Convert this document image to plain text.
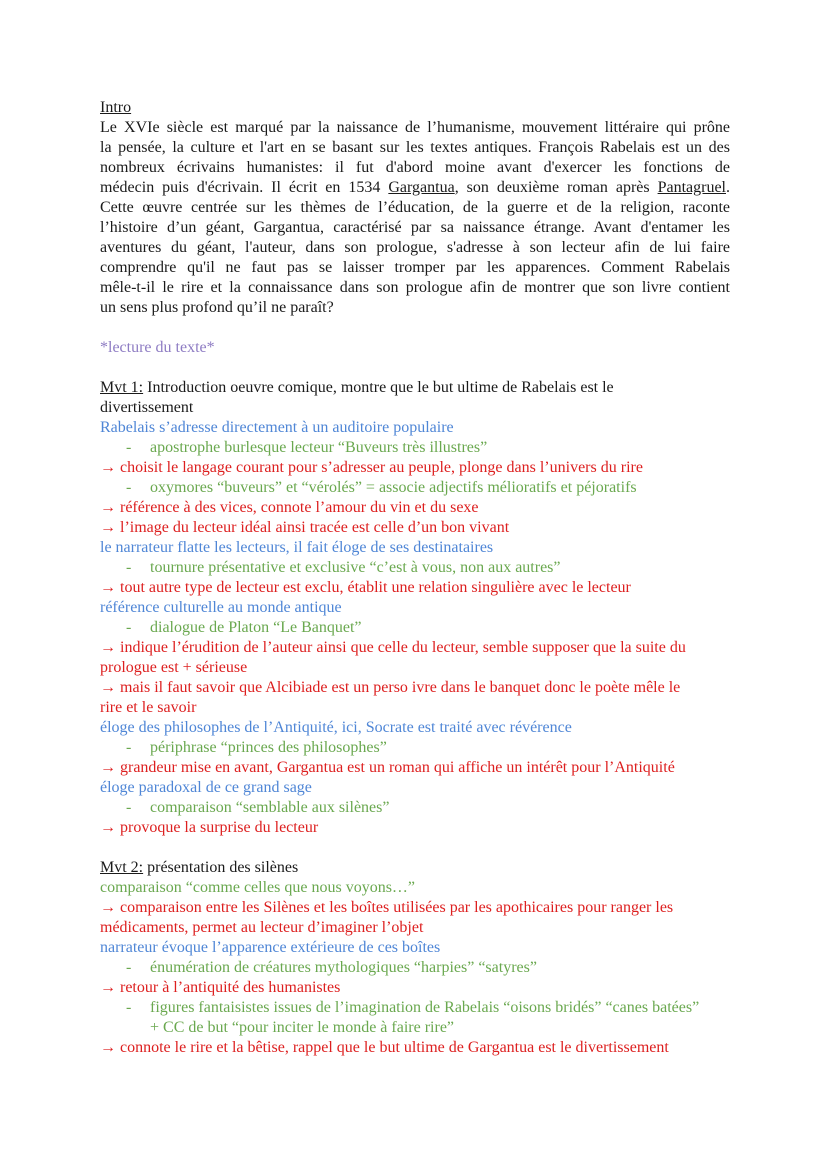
Intro
Le XVIe siècle est marqué par la naissance de l’humanisme, mouvement littéraire qui prône
la pensée, la culture et l'art en se basant sur les textes antiques. François Rabelais est un des
nombreux écrivains humanistes: il fut d'abord moine avant d'exercer les fonctions de
médecin puis d'écrivain. Il écrit en 1534 Gargantua, son deuxième roman après Pantagruel.
Cette œuvre centrée sur les thèmes de l’éducation, de la guerre et de la religion, raconte
l’histoire d’un géant, Gargantua, caractérisé par sa naissance étrange. Avant d'entamer les
aventures du géant, l'auteur, dans son prologue, s'adresse à son lecteur afin de lui faire
comprendre qu'il ne faut pas se laisser tromper par les apparences. Comment Rabelais
mêle-t-il le rire et la connaissance dans son prologue afin de montrer que son livre contient
un sens plus profond qu’il ne paraît?
*lecture du texte*
Mvt 1: Introduction oeuvre comique, montre que le but ultime de Rabelais est le
divertissement
Rabelais s’adresse directement à un auditoire populaire
- apostrophe burlesque lecteur “Buveurs très illustres”
→ choisit le langage courant pour s’adresser au peuple, plonge dans l’univers du rire
- oxymores “buveurs” et “vérolés” = associe adjectifs mélioratifs et péjoratifs
→ référence à des vices, connote l’amour du vin et du sexe
→ l’image du lecteur idéal ainsi tracée est celle d’un bon vivant
le narrateur flatte les lecteurs, il fait éloge de ses destinataires
- tournure présentative et exclusive “c’est à vous, non aux autres”
→ tout autre type de lecteur est exclu, établit une relation singulière avec le lecteur
référence culturelle au monde antique
- dialogue de Platon “Le Banquet”
→ indique l’érudition de l’auteur ainsi que celle du lecteur, semble supposer que la suite du
prologue est + sérieuse
→ mais il faut savoir que Alcibiade est un perso ivre dans le banquet donc le poète mêle le
rire et le savoir
éloge des philosophes de l’Antiquité, ici, Socrate est traité avec révérence
- périphrase “princes des philosophes”
→ grandeur mise en avant, Gargantua est un roman qui affiche un intérêt pour l’Antiquité
éloge paradoxal de ce grand sage
- comparaison “semblable aux silènes”
→ provoque la surprise du lecteur
Mvt 2: présentation des silènes
comparaison “comme celles que nous voyons…”
→ comparaison entre les Silènes et les boîtes utilisées par les apothicaires pour ranger les
médicaments, permet au lecteur d’imaginer l’objet
narrateur évoque l’apparence extérieure de ces boîtes
- énumération de créatures mythologiques “harpies” “satyres”
→ retour à l’antiquité des humanistes
- figures fantaisistes issues de l’imagination de Rabelais “oisons bridés” “canes batées”
+ CC de but “pour inciter le monde à faire rire”
→ connote le rire et la bêtise, rappel que le but ultime de Gargantua est le divertissement
